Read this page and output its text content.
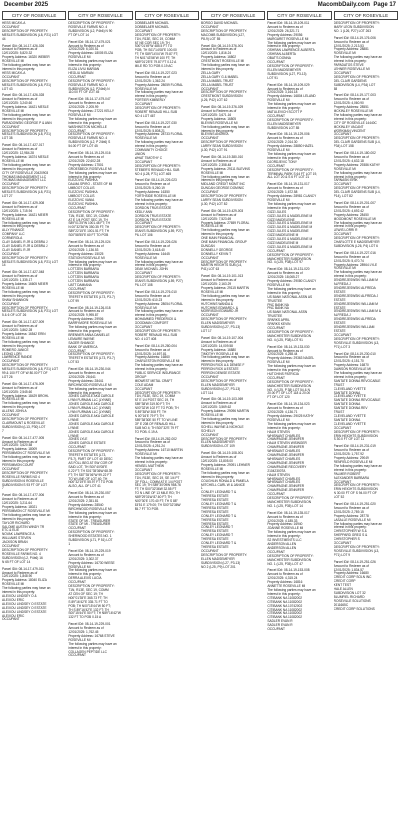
December 2025	MacombDaily.com Page 17
CITY OF ROSEVILLE
HESS MICAYLA
OCCUPANT
DESCRIPTION OF PROPERTY:
MESLE'S SUBDIVISION (L8, P21) LOT
44
Parcel ID#: 08-14-17-426-026
Amount to Redeem as of
12/01/2025: 5,820.32
Property Address: 16320 WEBER
ROSEVILLE MI
The following parties may have an
interest in this property:
HESS MICAYLA
OCCUPANT
DESCRIPTION OF PROPERTY:
MESLE'S SUBDIVISION (L8, P21)
LOT 43
Parcel ID#: 08-14-17-426-028
Amount to Redeem as of
12/01/2025: 3,240.60
Property Address: 16421 MESLE
ROSEVILLE MI
The following parties may have an
interest in this property:
PARADOWSKI GEORGE P & ANN
OCCUPANT
DESCRIPTION OF PROPERTY:
MESLE'S SUBDIVISION (L8, P21)
LOT 38
Parcel ID#: 08-14-17-427-017
Amount to Redeem as of
12/01/2025: 12,984.28
Property Address: 16374 MESLE
ROSEVILLE MI
The following parties may have an
interest in this property:
CITY OF ROSEVILLE 20420903
THOMAS MANAGEMENT LLC
THOMAS MANAGEMENT LLC
OCCUPANT
DESCRIPTION OF PROPERTY:
MESLE'S SUBDIVISION (L8, P21)
LOT 27
Parcel ID#: 08-14-17-429-008
Amount to Redeem as of
12/01/2025: 1,715.94
Property Address: 16421 MEIER
ROSEVILLE MI
The following parties may have an
interest in this property:
ALLY FINANCE
COMPANY LLC
CORNEROLA
CLAY DANIEL R JR & DEBRA J
CLAY DANIEL R JR & DEBRA J
CLAY DANIEL R JR
OCCUPANT
DESCRIPTION OF PROPERTY:
MESLE'S SUBDIVISION (L8, P21) LOT
14
Parcel ID#: 08-14-17-427-048
Amount to Redeem as of
12/01/2025: 1,335.17
Property Address: 16605 MEIER
ROSEVILLE MI
The following parties may have an
interest in this property:
SHAW SHANNON
OCCUPANT
DESCRIPTION OF PROPERTY:
MESLE'S SUBDIVISION (L8, P21) LOT
5 & 6 OF LOT 26
Parcel ID#: 08-14-17-427-009
Amount to Redeem as of
12/01/2025: 3,862.28
Property Address: 16542 ERIN
ROSEVILLE MI
The following parties may have an
interest in this property:
ROMERO JANICE
LEONG LORI
LAWRENCE RANDE
OCCUPANT
DESCRIPTION OF PROPERTY:
MESLE'S SUBDIVISION (L8, P21) LOT
99 & 100 FT OF W 80.00 FT OF
LOT 26
Parcel ID#: 08-14-17-476-009
Amount to Redeem as of
12/01/2025: 2,545.60
Property Address: 18429 BROHL
ROSEVILLE MI
The following parties may have an
interest in this property:
ALLENS JOHN A
OCCUPANT
DESCRIPTION OF PROPERTY:
CLAIRMOUNT & ROSEVILLE
SUBDIVISION (L13, P30) LOT
7
Parcel ID#: 08-14-17-477-005
Amount to Redeem as of
12/01/2025: 3,620.58
Property Address: 18009
PERSIMMON CT ROSEVILLE MI
The following parties may have an
interest in this property:
PERSIMMON COURT
OCCUPANT
DESCRIPTION OF PROPERTY:
ROSEVILLE FARMS NO 4
SUBDIVISION 6 ROSEVILLE
SUBDIVISION S 93 FT OF LOT
7
Parcel ID#: 08-14-17-477-006
Amount to Redeem as of
12/01/2025: 3,211.64
Property Address: 18021
PERSIMMON CT ROSEVILLE MI
The following parties may have an
interest in this property:
TAYLOR RICHARD
SALOME AUSTIN WINDY TR
ETC & ELIE
NOVAK LAWRENCE A
WILLIAMS STEVEN
JACKSON BRIAN
OCCUPANT
DESCRIPTION OF PROPERTY:
ROSEVILLE FARMS NO. 4
SUBDIVISION (L2, P4b6) 16
N 65 FT OF LOT 14
Parcel ID#: 08-14-17-479-011
Amount to Redeem as of
12/01/2025: 1,848.90
Property Address: 18040 ELIZA
ROSEVILLE MI
The following parties may have an
interest in this property:
ALEXIOU LINDSEY O &
ALEXIOU ERIC
ALEXIOU LINDSEY O ESTATE
ALEXIOU LINDSEY O ESTATE
ALEXIOU LINDSEY O ESTATE
ALEXIOU ERIC
OCCUPANT
CITY OF ROSEVILLE
DESCRIPTION OF PROPERTY:
ROSEVILLE FARMS NO. 4
SUBDIVISION (L2, P4b6) N 90
FT OF LOT 14
Parcel ID#: 08-14-17-479-021
Amount to Redeem as of
12/01/2025: 6,020.51
Property Address: 18005 ELIZA
ROSEVILLE MI
The following parties may have an
interest in this property:
ELIZA LIVIU MARIAN
HEGLIU MARIAN
OCCUPANT
DESCRIPTION OF PROPERTY:
ROSEVILLE FARMS NO. 4
SUBDIVISION (L2, P24b6) N
110.00 FT OF LOT 45
Parcel ID#: 08-14-17-479-047
Amount to Redeem as of
12/01/2025: 2,205.99
Property Address: 27221 KELLY
ROSEVILLE MI
The following parties may have an
interest in this property:
WASHINGTON MICHELLE
OCCUPANT
DESCRIPTION OF PROPERTY:
ROSEVILLE FARMS NO. 4
SUBDIVISION (L2, P 24b6) S
54.00 FT OF LOT 45
Parcel ID#: 08-14-19-129-016
Amount to Redeem as of
12/01/2025: 22,602.28
Property Address: 17501
GROESBECK ROSEVILLE MI
The following parties may have an
interest in this property:
ELEZOVIC PASHKA
DALMA SPIRO - STATE OF MI
UMBOOT COLLIS
ELEZOVIC PASHKA
UMBOOT COLLIS
ELEZOVIC VANIA
ELEZOVIC PASHKA
OCCUPANT
DESCRIPTION OF PROPERTY:
T1N, R13E, SEC 19, COMM
AT E 1/4 POST SEC 19, TH
S89°01'25"W 1001.48 FT; TH
N 00°32'36"W 350.35 FT; TH
S89°22'15"E 1001.51 FT; TH
S00°58'55"E 60 FT TO POB
Parcel ID#: 08-14-19-129-024
Amount to Redeem as of
12/01/2025: 1,136.53
Property Address: 15025
STATION ROSEVILLE MI
The following parties may have an
interest in this property:
LOTTZEN BARBARA
LOTTZEN BARBARA
LOTTZEN BARBARA
LOTTZEN BARBARA
UATT DAMIANA
OCCUPANT
DESCRIPTION OF PROPERTY:
TREFETH ESTATES (L73, P3-7)
LOT 99
Parcel ID#: 08-14-19-126-018
Amount to Redeem as of
12/01/2025: 9,995.87
Property Address: 29906
BARRYMORE ROSEVILLE MI
The following parties may have an
interest in this property:
BRENNER ANNA DANIELLE
LEMAIRE WAYNE
SAGER SHANICE
BANK OF AMERICA
OCCUPANT
DESCRIPTION OF PROPERTY:
TREFETH ESTATES (L73, P3-7)
LOT 53
Parcel ID#: 08-14-19-230-044
Amount to Redeem as of
12/01/2025: 28,641
Property Address: 28441
BIRCHWOOD ROSEVILLE MI
The following parties may have an
interest in this property:
JONES CAROLE AKA CAROLE
LYNN FURMAN LLC (LYNNE)
JONES CAROLE AKA CAROLE
LYNN FURMAN LLC (LYNNE)
LYNN FURMAN LLC (LYNNE)
JONES CAROLE AKA CAROLE
LYNNE
JONES CAROLE AKA CAROLE
LYNNE
JONES CAROLE AKA CAROLE
LYNNE
JONES LYLE
JONES CAROLE ESTATE
OCCUPANT
DESCRIPTION OF PROPERTY:
TREFETH ESTATES (L73,
P3-7), PART OF LOT 40 DESC
AS FOLL BEG AT SW COR OF
SAID LOT, TH S00°40'08"E
0.22 FT; TH S01°35'36W 68.39
FT; TH S87°35'06"W 99.22 FT
TO W LINE OF LOT 40; TH
N00°32'19"E 55.97 FT TO POB
ALSO, ALL OF LOT 41
Parcel ID#: 08-14-19-230-057
Amount to Redeem as of
12/01/2025: 2,351.81
Property Address: 28540
BIRCHWOOD ROSEVILLE MI
The following parties may have an
interest in this property:
STATE OF MI - TREASURER
STATE OF MI - TREASURER
OCCUPANT
DESCRIPTION OF PROPERTY:
SHERWOOD ESTATES NO. 1
SUBDIVISION (L71, P 51) LOT
1
Parcel ID#: 08-14-19-229-019
Amount to Redeem as of
12/01/2025: 3,302.37
Property Address: 16730 WIESE
ROSEVILLE MI
The following parties may have an
interest in this property:
DERRA ALEXIS LUCIA
OCCUPANT
DESCRIPTION OF PROPERTY:
T1N, R13E, SEC 19, COMM
AT CEN OF SEC 19; TH
N00°01'35"E 365.73 FT; TH
S 89°16'42"E 335.71 FT TO
POB; TH N00°15'44"W 50 FT;
TH S 89°16'42"E 132 FT; TH
S00°15'44"E 50 FT; TH N89°16'42"W
132 FT TO POB 0.15 A
Parcel ID#: 08-14-19-229-001
Amount to Redeem as of
12/01/2025: 1,762.45
Property Address: 16768 STEVE
ROSEVILLE MI
The following parties may have an
interest in this property:
COLLAGEN PEPTIDE LLC
OCCUPANT
CITY OF ROSEVILLE
DOBBELAER MICHAEL
DOBBELAER MICHAEL
OCCUPANT
DESCRIPTION OF PROPERTY:
T1N, R13E, SEC 19, COMM
AT NE COR SEC 19; TH
S00°01'49"W 485.5 FT TO
POB; TH S01°14'08"E 100.00
FT; TH S89°14'04"W 79.87 FT;
TH N01°43'56"W 100 FT; TH
N89°01'25"E 79.87 FT 0.12 A
MILE RD TO POB 0.19 AC
Parcel ID#: 08-14-19-227-023
Amount to Redeem as of
12/01/2025: 1,362.24
Property Address: 28059 FLORAL
ROSEVILLE MI
The following parties may have an
interest in this property:
PORTIER KIMBERLY
OCCUPANT
DESCRIPTION OF PROPERTY:
ROBERT RENAUD HILL SUB
NO 4 LOT 467
Parcel ID#: 08-14-19-227-030
Amount to Redeem as of
12/01/2025: 5,808.21
Property Address: 28733 FLORAL
ROSEVILLE MI
The following parties may have an
interest in this property:
COMMUNITY CHOICE
UNION
WHAT TIMOTHY C
OCCUPANT
DESCRIPTION OF PROPERTY:
STEBER'S RENAUD HILL SUB
NO 4 (L28, P71) LOT 465
Parcel ID#: 08-14-19-226-023
Amount to Redeem as of
12/01/2025: 5,260.19
Property Address: 16350
FORTHSIDE ROSEVILLE MI
The following parties may have an
interest in this property:
GORDON TRUS ESTATE
KEDLY ANN
GORDON TRUS ESTATE
GORDON TRUS ESTATE
OCCUPANT
DESCRIPTION OF PROPERTY:
JEAN'S SUBDIVISION (L59, P27)
PIL LOT 106
Parcel ID#: 08-14-19-226-026
Amount to Redeem as of
12/01/2025: 3,618.40
Property Address: 16445
ROSEVILLE MI
The following parties may have an
interest in this property:
DEAK MICHAEL JOHN
OCCUPANT
DESCRIPTION OF PROPERTY:
JEAN'S SUBDIVISION (L59, P27)
PIL LOT 108
Parcel ID#: 08-14-19-276-010
Amount to Redeem as of
12/01/2025: 610.23
Property Address: 28054 FLORAL
ROSEVILLE MI
The following parties may have an
interest in this property:
MOHAMMED FREDERICK &
GOODMAN COMFORT
OCCUPANT
DESCRIPTION OF PROPERTY:
ROBERT RENAUD HILL SUB
NO. 4 LOT 408
Parcel ID#: 08-14-19-280-004
Amount to Redeem as of
12/01/2025: 14,697.81
Property Address: 16860
CHARLESTON ROSEVILLE MI
The following parties may have an
interest in this property:
PUBLIC SERVICE INSURANCE
GROUP
MIDWEST METAL CRAFT
COLE ADAM
OCCUPANT
DESCRIPTION OF PROPERTY:
T1N, R13E, SEC 19, COMM
AT E 1/4 POST SEC 19, TH
S89°38'W 319.50 FT; TH
N00°32'W 102 FT TO POB; TH
S 89°38'W 308 FT; TH
N 00°16'E 79 FT; TH
S89°38'30E 50 FT TO W LINE
OF E 208 OF RENAUD HILL
SUB NO 4; TH S00°32'E 79 FT
TO POB. 0.19 A
Parcel ID#: 08-14-19-282-002
Amount to Redeem as of
12/01/2025: 4,251.24
Property Address: 16710 MARTIN
ROSEVILLE MI
The following parties may have an
interest in this property:
HENSEL MATTHEW
OCCUPANT
DESCRIPTION OF PROPERTY:
T1N, R13E, SEC 19, SE 1/4 PT
OF FOLL: COMM AT E 1/4 POST
SEC 19; TH S89°30'09W 958.76
FT; TH S00°32'36W 32.55 FT
TO N LINE OF 13 MILE RD; TH
N89°29'31W 87.60 FT; TH
N00°30'E 170.40 FT; TH S 88°
53'51 E 179.00; TH S00°32'36W
85.7 FT TO POB
CITY OF ROSEVILLE
BORGO DAVID MICHAEL
OCCUPANT
DESCRIPTION OF PROPERTY:
MACOMB SUBDIVISION (L27,
P8-9) LOT 55
Parcel ID#: 08-14-19-376-001
Amount to Redeem as of
12/01/2025: 1,816.24
Property Address: 16802
CRESTMONT ROSEVILLE MI
The following parties may have an
interest in this property:
ZELLA GARY
ZELLA GARY G & MABEL
ZELLA MABEL TRUST
ZELLA MABEL TRUST
OCCUPANT
DESCRIPTION OF PROPERTY:
CRESTMONT SUBDIVISION
(L26, P42) LOT 62
Parcel ID#: 08-14-19-376-029
Amount to Redeem as of
12/01/2025: 3,671.16
Property Address: 16805
BLEVINS ROSEVILLE MI
The following parties may have an
interest in this property:
BLEVINS ANDREA
OCCUPANT
DESCRIPTION OF PROPERTY:
LARRY SEAN SUBDIVISION
(L30, P42) LOT 91
Parcel ID#: 08-14-19-380-010
Amount to Redeem as of
12/01/2025: 2,358.48
Property Address: 29111 BLEVINS
ROSEVILLE MI
The following parties may have an
interest in this property:
MIDLAND CREDIT MGMT INC
DUNCAN GEORGE DOMINIC
OCCUPANT
DESCRIPTION OF PROPERTY:
LARRY SEAN SUBDIVISION
(L30, P42) LOT 82
Parcel ID#: 08-14-19-429-003
Amount to Redeem as of
12/01/2025: 7,523.69
Property Address: 27659 FLORAL
ROSEVILLE MI
The following parties may have an
interest in this property:
ONE MAIN FINANCIAL
ONE MAIN FINANCIAL GROUP
DUNCAN
DONNELLY GEORGE
DONNELLY KEVIN T
OCCUPANT
DESCRIPTION OF PROPERTY:
MARTIN HEIGHTS SUB (L4,
P41) LOT 63
Parcel ID#: 08-14-19-101-013
Amount to Redeem as of
12/01/2025: 2,163.29
Property Address: 29115 MARTIN
ROSEVILLE MI
The following parties may have an
interest in this property:
HUTCHINS WANDA &
HUTCHINS EDWARD L &
MORRISON EDWARD JR
OCCUPANT
DESCRIPTION OF PROPERTY:
ELLEN MADSEMEYER
SUBDIVISION (L27, P3-13)
LOT 17
Parcel ID#: 08-14-19-107-004
Amount to Redeem as of
12/01/2025: 14,009.58
Property Address: 16880
TIMOTHY ROSEVILLE MI
The following parties may have an
interest in this property:
PERRON RICK A & DENISE F
PERRON RICK A ESTATE
PERRON DENISE ESTATE
OCCUPANT
DESCRIPTION OF PROPERTY:
ELLEN MADSEMEYER
SUBDIVISION (L27, P3-13)
LOT 114
Parcel ID#: 08-14-19-103-069
Amount to Redeem as of
12/01/2025: 3,569.62
Property Address: 29096 MARTIN
ROSEVILLE MI
The following parties may have an
interest in this property:
SCHELL WAYNE & NICHOLE
SCHELLY
OCCUPANT
DESCRIPTION OF PROPERTY:
ELLEN MADSEMEYER
SUBDIVISION LOT 109
Parcel ID#: 08-14-19-108-001
Amount to Redeem as of
12/01/2025: 13,805.00
Property Address: 29091 LEHNER
ROSEVILLE MI
The following parties may have an
interest in this property:
COUGHLIN RONALD & PAMELA
MITCHELL CARL W & JANICE
L
CONLEY LEONARD T &
THERESA ESTATE
THERESA ESTATE
CONLEY LEONARD T &
THERESA ESTATE
THERESA ESTATE
CONLEY LEONARD T &
THERESA ESTATE
THERESA ESTATE
CONLEY LEONARD T
THERESA ESTATE
CONLEY LEONARD T
THERESA ESTATE
CONLEY LEONARD T &
THERESA ESTATE
OCCUPANT
DESCRIPTION OF PROPERTY:
ELLEN MADSEMEYER
SUBDIVISION (L27, P3-13)
NO 2 (L25, P9) LOT 201
CITY OF ROSEVILLE
Parcel ID#: 08-14-19-109-011
Amount to Redeem as of
12/01/2025: 26,321.71
Property Address: 29056
MARGARET ROSEVILLE MI
The following parties may have an
interest in this property:
OSHRAN LAWRENCE ALBERTA
OSHRAN ALBERTA
OBAT'S DONNA
OCCUPANT
DESCRIPTION OF PROPERTY:
ELLEN MADSEMEYER
SUBDIVISION (L27, P3-13)
LOT 91
Parcel ID#: 08-14-19-109-029
Amount to Redeem as of
12/01/2025: 3,164.18
Property Address: 16804 LELAND
ROSEVILLE MI
The following parties may have an
interest in this property:
MATULEVICH SCOTT P
OCCUPANT
DESCRIPTION OF PROPERTY:
ELLEN MADSEMEYER
SUBDIVISION LOT 85
Parcel ID#: 08-14-19-129-006
Amount to Redeem as of
12/01/2025: 2,014.30
Property Address: 28850 HAZEL
ROSEVILLE MI
The following parties may have an
interest in this property:
DJORDJEVIC TONY
OCCUPANT
DESCRIPTION OF PROPERTY:
TERMINAL PARK S 64 FT LOT 19,
ALL LOT 20 & S 6 FT LOT 21
Parcel ID#: 08-14-19-131-017
Amount to Redeem as of
12/01/2025: 1,672.58
Property Address: 28981 CLANCY
ROSEVILLE MI
The following parties may have an
interest in this property:
GIZZI JULES
GIZZI JULES & MADELEINE M
GIZZI MADELEINE
GIZZI JULES & MADELEINE M
GIZZI JULES & MADELEINE M
GIZZI JULES & MADELEINE
GIZZI MADELEINE M
GIZZI JULES & MADELEINE M
GIZZI MADELEINE M
GIZZI JULES & MADELEINE M
OCCUPANT
DESCRIPTION OF PROPERTY:
MANCHESTER SUBDIVISION
NO. 4 (L25, P38) LOT 97
Parcel ID#: 08-14-19-131-020
Amount to Redeem as of
12/01/2025: 18,065.27
Property Address: 29080 CLANCY
ROSEVILLE MI
The following parties may have an
interest in this property:
US BANK NATIONAL ASSN AS
TRUSTEE
PNC BANK NA
PNC BANK NA
US BANK NATIONAL ASSN
TRUSTEE
SPARKS APRIL
SPARKS KEVIN
OCCUPANT
DESCRIPTION OF PROPERTY:
MANCHESTER SUBDIVISION
NO. 4 (L25, P38) LOT 91
Parcel ID#: 08-14-19-133-030
Amount to Redeem as of
12/01/2025: 4,258.44
Property Address: 29363 NAGEL
ROSEVILLE MI
The following parties may have an
interest in this property:
HUTCHINS PATRICIA
OCCUPANT
DESCRIPTION OF PROPERTY:
MANCHESTER SUBDIVISION
NO. 4 (L25, P 38) LOT 54 & N
20.00 FT OF LOT 118 & 20.00
FT OF LOT 120
Parcel ID#: 08-14-19-134-023
Amount to Redeem as of
12/01/2025: 4,136.71
Property Address: 29025 KATHY
ROSEVILLE MI
The following parties may have an
interest in this property:
HALM STEVEN
WHISNANT CHARLES
CHAMPAGNE JENNIFER
HALM STEVEN WISINGER
CHAMPAGNE JENNIFER
WHISNANT CHARLES
CHAMPAGNE JENNIFER
WHISNANT CHARLES
CHAMPAGNE JENNIFER
CHAMPAGNE RECOVERY
21042300TA
HALM STEVEN
WHISNANT CHARLES
WHISNANT CHARLES
CHAMPAGNE JENNIFER
CHAMPAGNE JENNIFER
OCCUPANT
DESCRIPTION OF PROPERTY:
MANCHESTER SUBDIVISION
NO. 1 (L25, P35) LOT 14
Parcel ID#: 08-14-19-135-017
Amount to Redeem as of
12/01/2025: 4,185.33
Property Address: 16940
JOANNE ROSEVILLE MI
The following parties may have an
interest in this property:
S2 INVESTMENTS LLC
ANDERSON ALLEN
ANDERSON ALLEN
OCCUPANT
DESCRIPTION OF PROPERTY:
MANCHESTER SUBDIVISION
NO. 1 (L25, P35) LOT 47
Parcel ID#: 08-14-19-153-008
Amount to Redeem as of
12/01/2025: 4,315.24
Property Address: 16816
ANNETTE ROSEVILLE MI
The following parties may have an
interest in this property:
CITIBANK NA 11082002
CITIBANK NA 11082002
CITIBANK NA 10742002
CITIBANK NA 11082002
CITIBANK NA 11082002
CITIBANK NA 11082002
SADLER EVAN R
SADLER EVAN R
OCCUPANT
CITY OF ROSEVILLE
DESCRIPTION OF PROPERTY:
MARY LEON SUBDIVISION
NO. 1 (L26, P27) LOT 263
Parcel ID#: 08-14-19-176-006
Amount to Redeem as of
12/01/2025: 2,213.53
Property Address: 28881
ROSEVILLE MI
The following parties may have an
interest in this property:
PAPADATOS STEVE
LEHNER ROSEVILLE MI
OCCUPANT
DESCRIPTION OF PROPERTY:
DEL CLAIR GARDENS
SUBDIVISION (L4, P34) LOT
58
Parcel ID#: 08-14-19-177-003
Amount to Redeem as of
12/01/2025: 4,060.90
Property Address: 28551
MCKINLEY ROSEVILLE MI
The following parties may have an
interest in this property:
CITY OF ROSEVILLE 14440C
MCKINLEY VACANT
WORKMAN VINCENT
OCCUPANT
DESCRIPTION OF PROPERTY:
DEL CLAIR GARDENS SUB (L4,
P34) LOT 158
Parcel ID#: 08-14-19-180-002
Amount to Redeem as of
12/01/2025: 4,632.18
Property Address: 29386 KATHY
ROSEVILLE MI
The following parties may have an
interest in this property:
TARNASKI ERIK
OCCUPANT
DESCRIPTION OF PROPERTY:
DEL CLAIR GARDENS SUB (L4,
P14), LOT 82
Parcel ID#: 08-14-19-201-007
Amount to Redeem as of
12/01/2025: 4,692.42
Property Address: 28450
MOODMONT ROSEVILLE MI
The following parties may have an
interest in this property:
LEWIS LORRI R
OCCUPANT
DESCRIPTION OF PROPERTY:
CHARLOTTE E MADSEMEYER
SUBDIVISION (L26, P4) LOT 6
Parcel ID#: 08-14-19-227-016
Amount to Redeem as of
12/01/2025: 5,470.74
Property Address: 28964 LYLE
ROSEVILLE MI
The following parties may have an
interest in this property:
JENDREJESWSKI WILLIAM M
ALFREDA J
JENDREJESWSKI ALFREDA
ESTATE
JENDREJESWSKI ALFREDA J
ESTATE
JENDREJESWSKI WILLIAM M
ESTATE
JENDREJESWSKI WILLIAM M &
ALFREDA J
JENDREJESWSKI ALFREDA
ESTATE
JENDREJESWSKI WILLIAM
ESTATE
OCCUPANT
DESCRIPTION OF PROPERTY:
ROSEVILLE SUBDIVISION (L3,
P71) LOT 3
Parcel ID#: 08-14-19-230-010
Amount to Redeem as of
12/01/2025: 4,151.70
Property Address: 16870
DAWSON ROSEVILLE MI
The following parties may have an
interest in this property:
SANTATE DONNA REVOCABLE
TRUST
CLEVELAND YVETTE
SANTATE DONNA
CLEVELAND YVETTE
SANTATE DONNA REVOCABLE
SANTATE DONNA
SANTATE DONNA REV
TRUST
CLEVELAND YVETTE
SANTATE DONNA
CLEVELAND YVETTE
OCCUPANT
DESCRIPTION OF PROPERTY:
ERIN HEIGHTS SUBDIVISION
S 30.0 FT OF LOT 11
Parcel ID#: 08-14-19-231-019
Amount to Redeem as of
12/01/2025: 1,757.92
Property Address: 29049
RENFIELD ROSEVILLE MI
The following parties may have an
interest in this property:
PALMER ROBERT
ALEXANDER BARBARA
OCCUPANT
DESCRIPTION OF PROPERTY:
ERIN HEIGHTS SUBDIVISION
N 30.00 FT OF S 94.00 FT OF
LOT 52
Parcel ID#: 08-14-19-251-020
Amount to Redeem as of
12/01/2025: 2,789.15
Property Address: 28778
LASALLE ROSEVILLE MI
The following parties may have an
interest in this property:
CHRISTOPHER W S &
SHEPPARD GREG S &
CHRISTOPHER S
OCCUPANT
DESCRIPTION OF PROPERTY:
ROSEVILLE SUBDIVISION (L3,
P71) LOT 9
Parcel ID#: 08-14-19-251-026
Amount to Redeem as of
12/01/2025: 1,834.57
Property Address: 16680
CREDIT CORP SOLN INC
CREDIT CORP
KENT TEST
HALE ALLEN
SUBDIVISION LOT 32
BLUMFIEL RICHARD
ROSEVILLE SOLUTIONS
2011665C
CREDIT CORP SOLUTIONS
